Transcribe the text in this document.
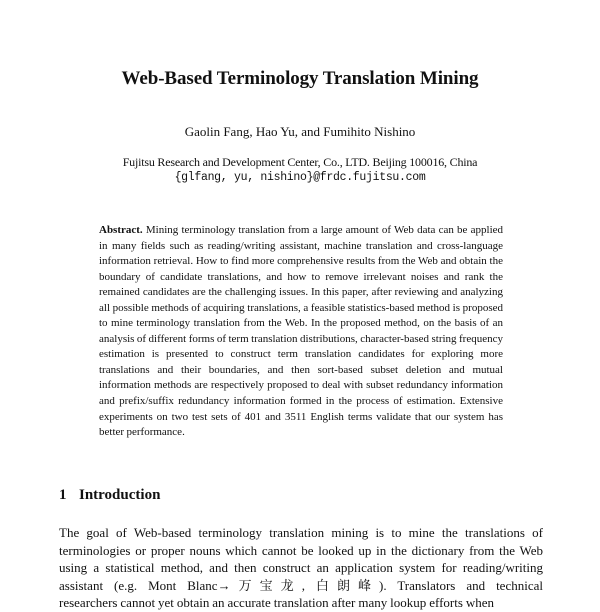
Web-Based Terminology Translation Mining
Gaolin Fang, Hao Yu, and Fumihito Nishino
Fujitsu Research and Development Center, Co., LTD. Beijing 100016, China
{glfang, yu, nishino}@frdc.fujitsu.com
Abstract. Mining terminology translation from a large amount of Web data can be applied in many fields such as reading/writing assistant, machine translation and cross-language information retrieval. How to find more comprehensive results from the Web and obtain the boundary of candidate translations, and how to remove irrelevant noises and rank the remained candidates are the challenging issues. In this paper, after reviewing and analyzing all possible methods of acquiring translations, a feasible statistics-based method is proposed to mine terminology translation from the Web. In the proposed method, on the basis of an analysis of different forms of term translation distributions, character-based string frequency estimation is presented to construct term translation candidates for exploring more translations and their boundaries, and then sort-based subset deletion and mutual information methods are respectively proposed to deal with subset redundancy information and prefix/suffix redundancy information formed in the process of estimation. Extensive experiments on two test sets of 401 and 3511 English terms validate that our system has better performance.
1 Introduction
The goal of Web-based terminology translation mining is to mine the translations of terminologies or proper nouns which cannot be looked up in the dictionary from the Web using a statistical method, and then construct an application system for reading/writing assistant (e.g. Mont Blanc→万宝龙, 白朗峰). Translators and technical researchers cannot yet obtain an accurate translation after many lookup efforts when
